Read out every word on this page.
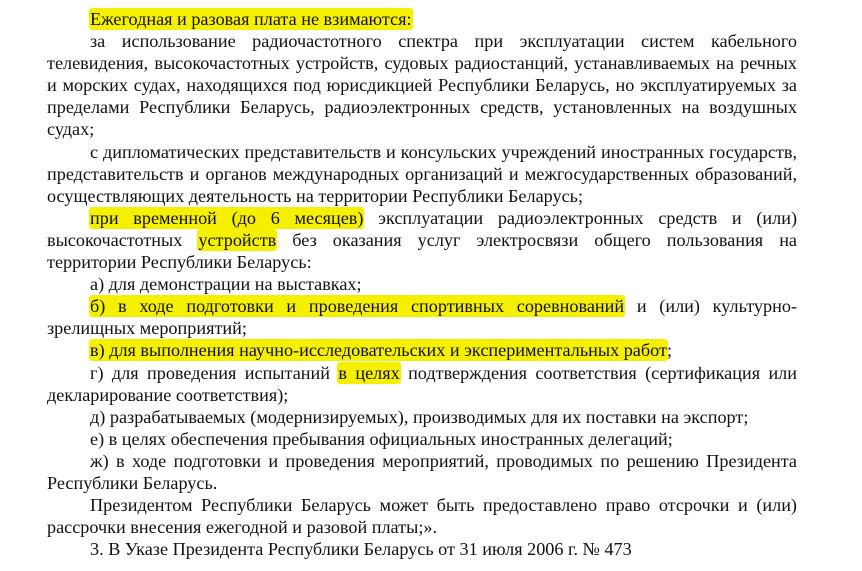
Ежегодная и разовая плата не взимаются:

за использование радиочастотного спектра при эксплуатации систем кабельного телевидения, высокочастотных устройств, судовых радиостанций, устанавливаемых на речных и морских судах, находящихся под юрисдикцией Республики Беларусь, но эксплуатируемых за пределами Республики Беларусь, радиоэлектронных средств, установленных на воздушных судах;

с дипломатических представительств и консульских учреждений иностранных государств, представительств и органов международных организаций и межгосударственных образований, осуществляющих деятельность на территории Республики Беларусь;

при временной (до 6 месяцев) эксплуатации радиоэлектронных средств и (или) высокочастотных устройств без оказания услуг электросвязи общего пользования на территории Республики Беларусь:

а) для демонстрации на выставках;

б) в ходе подготовки и проведения спортивных соревнований и (или) культурно-зрелищных мероприятий;

в) для выполнения научно-исследовательских и экспериментальных работ;

г) для проведения испытаний в целях подтверждения соответствия (сертификация или декларирование соответствия);

д) разрабатываемых (модернизируемых), производимых для их поставки на экспорт;

е) в целях обеспечения пребывания официальных иностранных делегаций;

ж) в ходе подготовки и проведения мероприятий, проводимых по решению Президента Республики Беларусь.

Президентом Республики Беларусь может быть предоставлено право отсрочки и (или) рассрочки внесения ежегодной и разовой платы;».

3. В Указе Президента Республики Беларусь от 31 июля 2006 г. № 473
